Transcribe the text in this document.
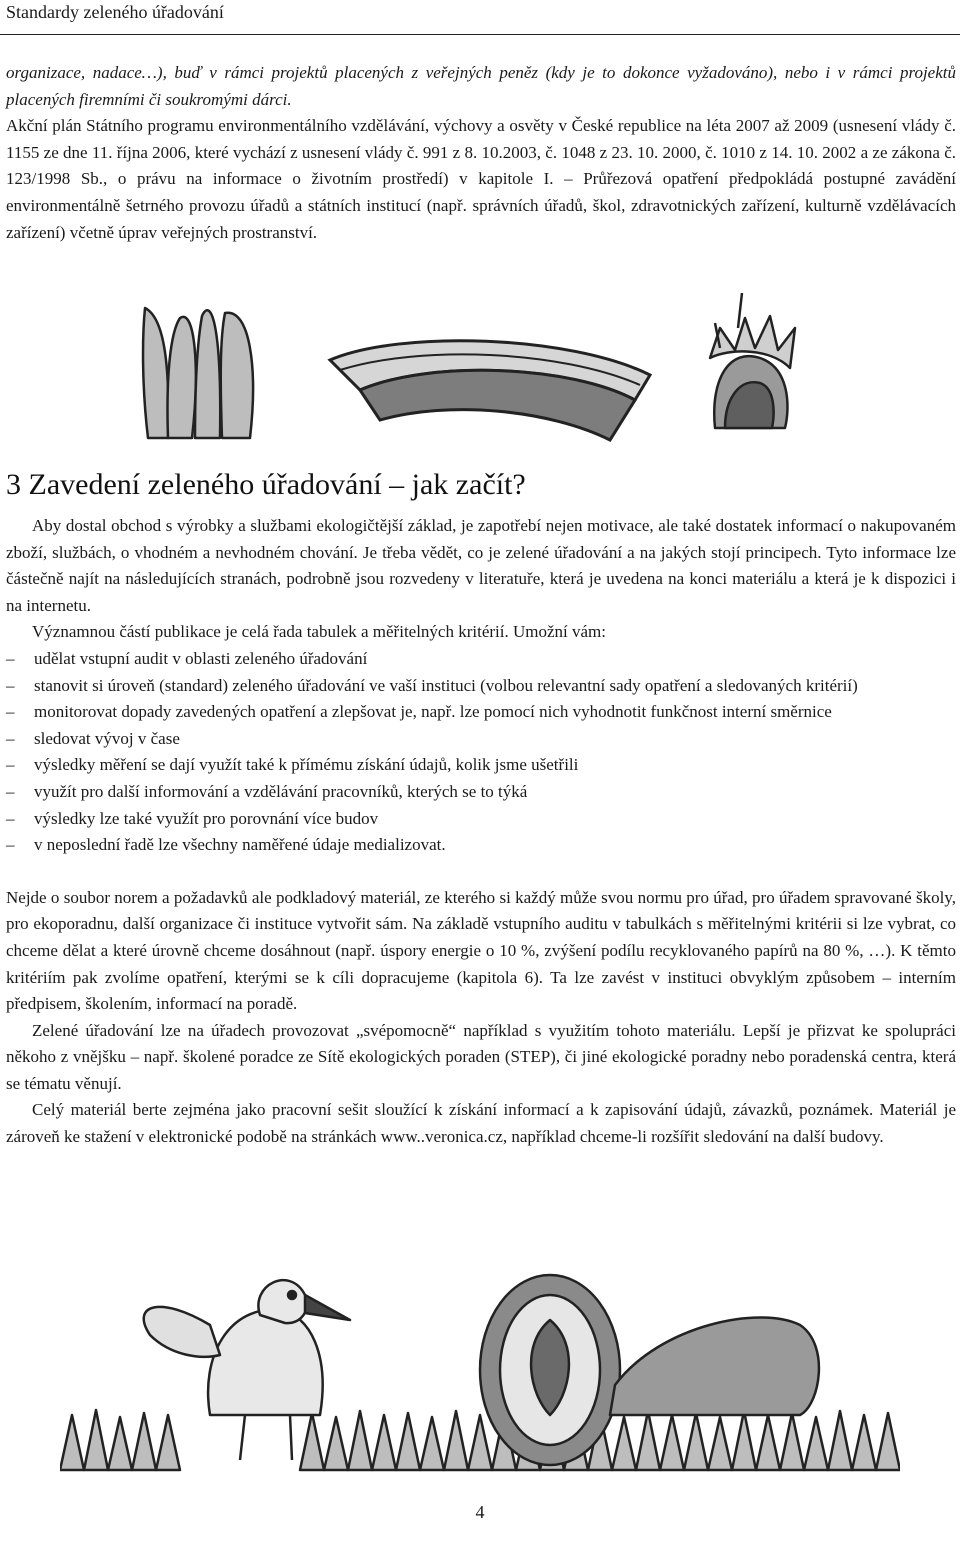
Standardy zeleného úřadování

organizace, nadace…), buď v rámci projektů placených z veřejných peněz (kdy je to dokonce vyžadováno), nebo i v rámci projektů placených firemními či soukromými dárci.

Akční plán Státního programu environmentálního vzdělávání, výchovy a osvěty v České republice na léta 2007 až 2009 (usnesení vlády č. 1155 ze dne 11. října 2006, které vychází z usnesení vlády č. 991 z 8. 10.2003, č. 1048 z 23. 10. 2000, č. 1010 z 14. 10. 2002 a ze zákona č. 123/1998 Sb., o právu na informace o životním prostředí) v kapitole I. – Průřezová opatření předpokládá postupné zavádění environmentálně šetrného provozu úřadů a státních institucí (např. správních úřadů, škol, zdravotnických zařízení, kulturně vzdělávacích zařízení) včetně úprav veřejných prostranství.

3 Zavedení zeleného úřadování – jak začít?

Aby dostal obchod s výrobky a službami ekologičtější základ, je zapotřebí nejen motivace, ale také dostatek informací o nakupovaném zboží, službách, o vhodném a nevhodném chování. Je třeba vědět, co je zelené úřadování a na jakých stojí principech. Tyto informace lze částečně najít na následujících stranách, podrobně jsou rozvedeny v literatuře, která je uvedena na konci materiálu a která je k dispozici i na internetu.

Významnou částí publikace je celá řada tabulek a měřitelných kritérií. Umožní vám:

– udělat vstupní audit v oblasti zeleného úřadování
– stanovit si úroveň (standard) zeleného úřadování ve vaší instituci (volbou relevantní sady opatření a sledovaných kritérií)
– monitorovat dopady zavedených opatření a zlepšovat je, např. lze pomocí nich vyhodnotit funkčnost interní směrnice
– sledovat vývoj v čase
– výsledky měření se dají využít také k přímému získání údajů, kolik jsme ušetřili
– využít pro další informování a vzdělávání pracovníků, kterých se to týká
– výsledky lze také využít pro porovnání více budov
– v neposlední řadě lze všechny naměřené údaje medializovat.

Nejde o soubor norem a požadavků ale podkladový materiál, ze kterého si každý může svou normu pro úřad, pro úřadem spravované školy, pro ekoporadnu, další organizace či instituce vytvořit sám. Na základě vstupního auditu v tabulkách s měřitelnými kritérii si lze vybrat, co chceme dělat a které úrovně chceme dosáhnout (např. úspory energie o 10 %, zvýšení podílu recyklovaného papírů na 80 %, …). K těmto kritériím pak zvolíme opatření, kterými se k cíli dopracujeme (kapitola 6). Ta lze zavést v instituci obvyklým způsobem – interním předpisem, školením, informací na poradě.

Zelené úřadování lze na úřadech provozovat „svépomocně“ například s využitím tohoto materiálu. Lepší je přizvat ke spolupráci někoho z vnějšku – např. školené poradce ze Sítě ekologických poraden (STEP), či jiné ekologické poradny nebo poradenská centra, která se tématu věnují.

Celý materiál berte zejména jako pracovní sešit sloužící k získání informací a k zapisování údajů, závazků, poznámek. Materiál je zároveň ke stažení v elektronické podobě na stránkách www..veronica.cz, například chceme-li rozšířit sledování na další budovy.

4
